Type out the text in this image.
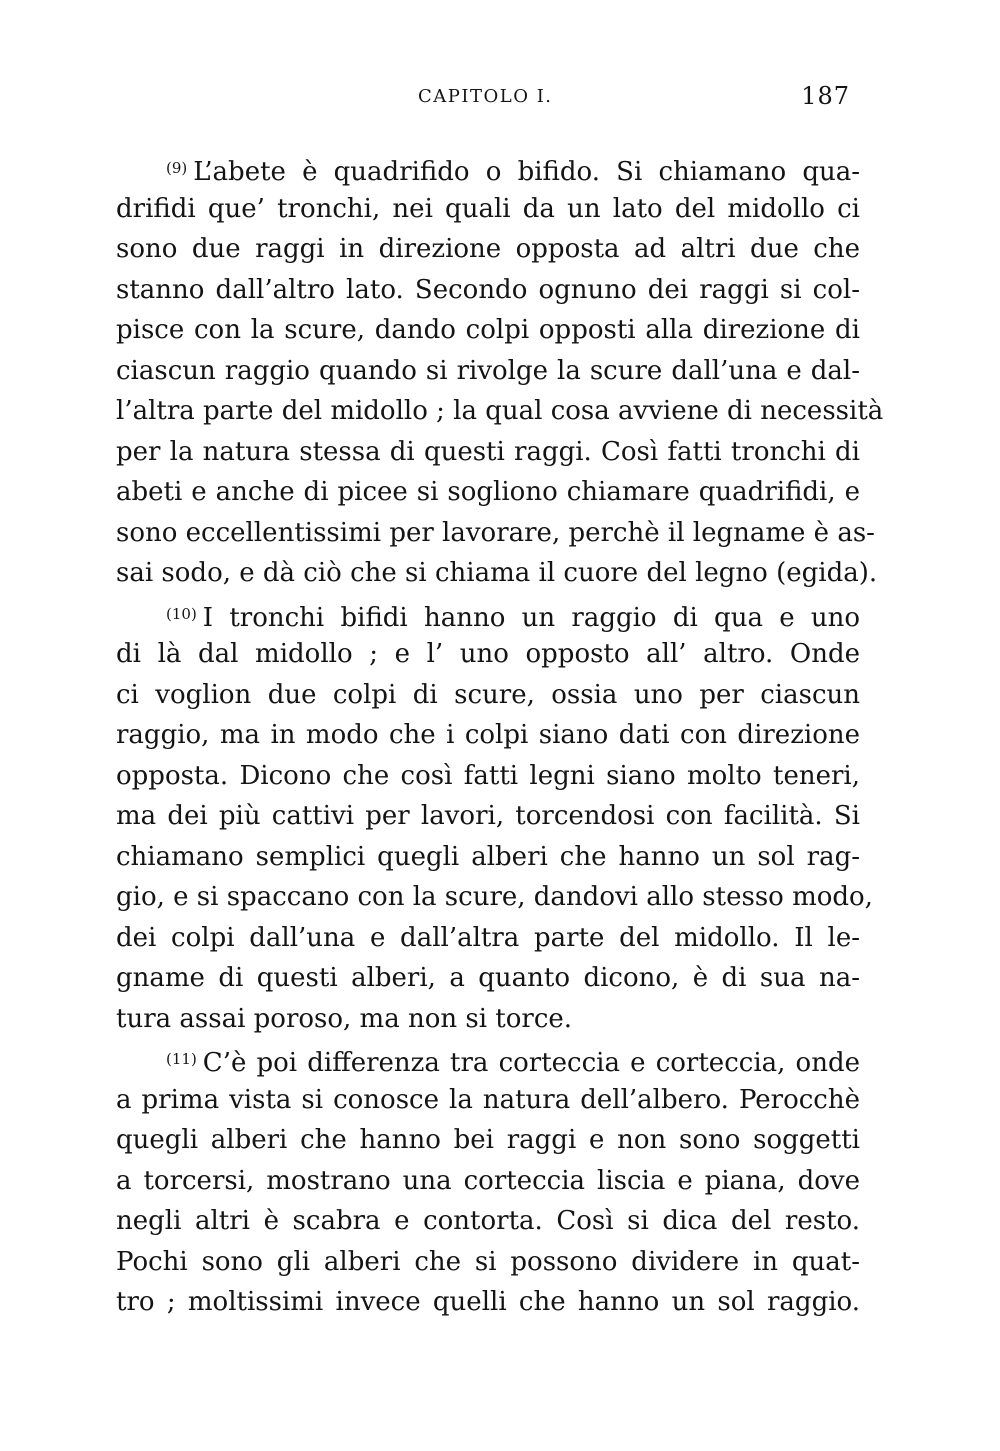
CAPITOLO I.	187
$^{(9)}$ L’abete è quadrifido o bifido. Si chiamano qua-
drifidi que’ tronchi, nei quali da un lato del midollo ci
sono due raggi in direzione opposta ad altri due che
stanno dall’altro lato. Secondo ognuno dei raggi si col-
pisce con la scure, dando colpi opposti alla direzione di
ciascun raggio quando si rivolge la scure dall’una e dal-
l’altra parte del midollo ; la qual cosa avviene di necessità
per la natura stessa di questi raggi. Così fatti tronchi di
abeti e anche di picee si sogliono chiamare quadrifidi, e
sono eccellentissimi per lavorare, perchè il legname è as-
sai sodo, e dà ciò che si chiama il cuore del legno (egida).
$^{(10)}$ I tronchi bifidi hanno un raggio di qua e uno
di là dal midollo ; e l’ uno opposto all’ altro. Onde
ci voglion due colpi di scure, ossia uno per ciascun
raggio, ma in modo che i colpi siano dati con direzione
opposta. Dicono che così fatti legni siano molto teneri,
ma dei più cattivi per lavori, torcendosi con facilità. Si
chiamano semplici quegli alberi che hanno un sol rag-
gio, e si spaccano con la scure, dandovi allo stesso modo,
dei colpi dall’una e dall’altra parte del midollo. Il le-
gname di questi alberi, a quanto dicono, è di sua na-
tura assai poroso, ma non si torce.
$^{(11)}$ C’è poi differenza tra corteccia e corteccia, onde
a prima vista si conosce la natura dell’albero. Perocchè
quegli alberi che hanno bei raggi e non sono soggetti
a torcersi, mostrano una corteccia liscia e piana, dove
negli altri è scabra e contorta. Così si dica del resto.
Pochi sono gli alberi che si possono dividere in quat-
tro ; moltissimi invece quelli che hanno un sol raggio.
